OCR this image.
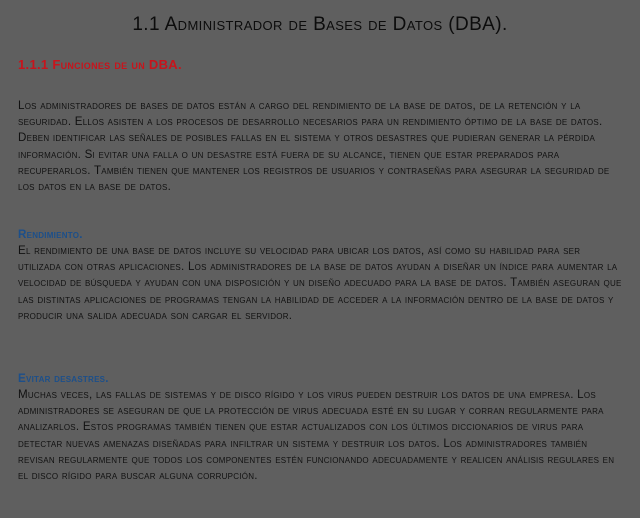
1.1 Administrador de Bases de Datos (DBA).
1.1.1 Funciones de un DBA.

Los administradores de bases de datos están a cargo del rendimiento de la base de datos, de la retención y la seguridad. Ellos asisten a los procesos de desarrollo necesarios para un rendimiento óptimo de la base de datos. Deben identificar las señales de posibles fallas en el sistema y otros desastres que pudieran generar la pérdida información. Si evitar una falla o un desastre está fuera de su alcance, tienen que estar preparados para recuperarlos. También tienen que mantener los registros de usuarios y contraseñas para asegurar la seguridad de los datos en la base de datos.

Rendimiento.

El rendimiento de una base de datos incluye su velocidad para ubicar los datos, así como su habilidad para ser utilizada con otras aplicaciones. Los administradores de la base de datos ayudan a diseñar un índice para aumentar la velocidad de búsqueda y ayudan con una disposición y un diseño adecuado para la base de datos. También aseguran que las distintas aplicaciones de programas tengan la habilidad de acceder a la información dentro de la base de datos y producir una salida adecuada son cargar el servidor.

Evitar desastres.

Muchas veces, las fallas de sistemas y de disco rígido y los virus pueden destruir los datos de una empresa. Los administradores se aseguran de que la protección de virus adecuada esté en su lugar y corran regularmente para analizarlos. Estos programas también tienen que estar actualizados con los últimos diccionarios de virus para detectar nuevas amenazas diseñadas para infiltrar un sistema y destruir los datos. Los administradores también revisan regularmente que todos los componentes estén funcionando adecuadamente y realicen análisis regulares en el disco rígido para buscar alguna corrupción.
